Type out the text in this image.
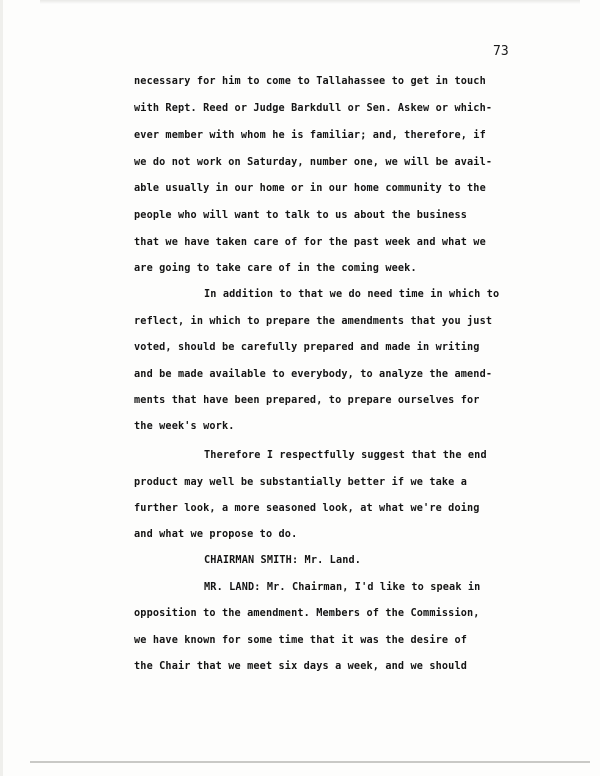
73
necessary for him to come to Tallahassee to get in touch
with Rept. Reed or Judge Barkdull or Sen. Askew or which-
ever member with whom he is familiar; and, therefore, if
we do not work on Saturday, number one, we will be avail-
able usually in our home or in our home community to the
people who will want to talk to us about the business
that we have taken care of for the past week and what we
are going to take care of in the coming week.
In addition to that we do need time in which to
reflect, in which to prepare the amendments that you just
voted, should be carefully prepared and made in writing
and be made available to everybody, to analyze the amend-
ments that have been prepared, to prepare ourselves for
the week's work.
Therefore I respectfully suggest that the end
product may well be substantially better if we take a
further look, a more seasoned look, at what we're doing
and what we propose to do.
CHAIRMAN SMITH: Mr. Land.
MR. LAND: Mr. Chairman, I'd like to speak in
opposition to the amendment. Members of the Commission,
we have known for some time that it was the desire of
the Chair that we meet six days a week, and we should
